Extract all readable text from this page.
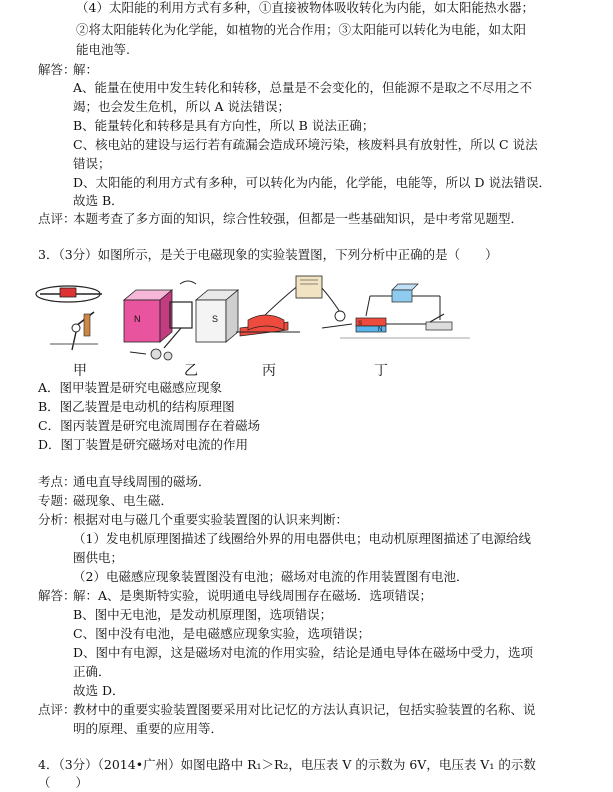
（4）太阳能的利用方式有多种，①直接被物体吸收转化为内能，如太阳能热水器；
②将太阳能转化为化学能，如植物的光合作用；③太阳能可以转化为电能，如太阳
能电池等.
解答：
解：
A、能量在使用中发生转化和转移，总量是不会变化的，但能源不是取之不尽用之不
竭；也会发生危机，所以 A 说法错误；
B、能量转化和转移是具有方向性，所以 B 说法正确；
C、核电站的建设与运行若有疏漏会造成环境污染，核废料具有放射性，所以 C 说法
错误；
D、太阳能的利用方式有多种，可以转化为内能，化学能，电能等，所以 D 说法错误．
故选 B．
点评：
本题考查了多方面的知识，综合性较强，但都是一些基础知识，是中考常见题型．
3．（3分）如图所示，是关于电磁现象的实验装置图，下列分析中正确的是（　　）
N	S	S
N
甲	乙	丙	丁
A．图甲装置是研究电磁感应现象
B．图乙装置是电动机的结构原理图
C．图丙装置是研究电流周围存在着磁场
D．图丁装置是研究磁场对电流的作用
考点：
通电直导线周围的磁场．
专题：
磁现象、电生磁．
分析：
根据对电与磁几个重要实验装置图的认识来判断：
（1）发电机原理图描述了线圈给外界的用电器供电；电动机原理图描述了电源给线
圈供电；
（2）电磁感应现象装置图没有电池；磁场对电流的作用装置图有电池．
解答：
解：A、是奥斯特实验，说明通电导线周围存在磁场．选项错误；
B、图中无电池，是发动机原理图，选项错误；
C、图中没有电池，是电磁感应现象实验，选项错误；
D、图中有电源，这是磁场对电流的作用实验，结论是通电导体在磁场中受力，选项
正确．
故选 D．
点评：
教材中的重要实验装置图要采用对比记忆的方法认真识记，包括实验装置的名称、说
明的原理、重要的应用等．
4．（3分）（2014•广州）如图电路中 R₁＞R₂，电压表 V 的示数为 6V，电压表 V₁ 的示数
（　　）
